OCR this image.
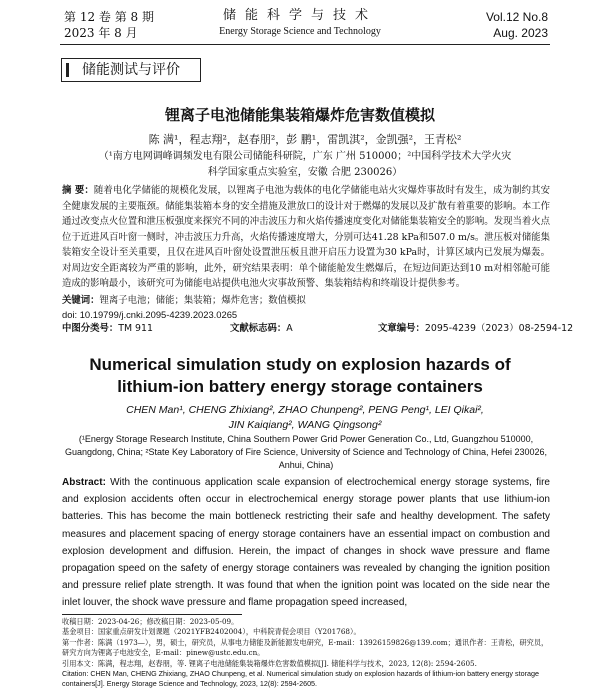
第 12 卷 第 8 期
2023 年 8 月
储能科学与技术
Energy Storage Science and Technology
Vol.12 No.8
Aug. 2023
储能测试与评价
锂离子电池储能集装箱爆炸危害数值模拟
陈 满¹，程志翔²，赵春朋²，彭 鹏¹，雷凯淇²，金凯强²，王青松²
（¹南方电网调峰调频发电有限公司储能科研院，广东 广州 510000；²中国科学技术大学火灾
科学国家重点实验室，安徽 合肥 230026）
摘 要：随着电化学储能的规模化发展，以锂离子电池为载体的电化学储能电站火灾爆炸事故时有发生，成为制约其安全健康发展的主要瓶颈。储能集装箱本身的安全措施及泄放口的设计对于燃爆的发展以及扩散有着重要的影响。本工作通过改变点火位置和泄压板强度来探究不同的冲击波压力和火焰传播速度变化对储能集装箱安全的影响。发现当着火点位于近进风百叶窗一侧时，冲击波压力升高，火焰传播速度增大，分别可达41.28 kPa和507.0 m/s。泄压板对储能集装箱安全设计至关重要，且仅在进风百叶窗处设置泄压板且泄开启压力设置为30 kPa时，计算区域内已发展为爆轰。对周边安全距离较为严重的影响，此外，研究结果表明：单个储能舱发生燃爆后，在短边间距达到10 m对相邻舱可能造成的影响最小，该研究可为储能电站提供电池火灾事故预警、集装箱结构和终端设计提供参考。
关键词：锂离子电池；储能；集装箱；爆炸危害；数值模拟
doi: 10.19799/j.cnki.2095-4239.2023.0265
中图分类号：TM 911	文献标志码：A	文章编号：2095-4239（2023）08-2594-12
Numerical simulation study on explosion hazards of
lithium-ion battery energy storage containers
CHEN Man¹, CHENG Zhixiang², ZHAO Chunpeng², PENG Peng¹, LEI Qikai²,
JIN Kaiqiang², WANG Qingsong²
(¹Energy Storage Research Institute, China Southern Power Grid Power Generation Co., Ltd, Guangzhou 510000, Guangdong, China; ²State Key Laboratory of Fire Science, University of Science and Technology of China, Hefei 230026, Anhui, China)
Abstract: With the continuous application scale expansion of electrochemical energy storage systems, fire and explosion accidents often occur in electrochemical energy storage power plants that use lithium-ion batteries. This has become the main bottleneck restricting their safe and healthy development. The safety measures and placement spacing of energy storage containers have an essential impact on combustion and explosion development and diffusion. Herein, the impact of changes in shock wave pressure and flame propagation speed on the safety of energy storage containers was revealed by changing the ignition position and pressure relief plate strength. It was found that when the ignition point was located on the side near the inlet louver, the shock wave pressure and flame propagation speed increased,
收稿日期：2023-04-26；修改稿日期：2023-05-09。
基金项目：国家重点研发计划课题（2021YFB2402004），中科院青促会项目（Y201768）。
第一作者：陈满（1973—），男，硕士，研究员，从事电力储能及新能源发电研究，E-mail：13926159826@139.com；通讯作者：王青松，研究员，研究方向为锂离子电池安全，E-mail：pinew@ustc.edu.cn。
引用本文：陈满，程志翔，赵春朋，等. 锂离子电池储能集装箱爆炸危害数值模拟[J]. 储能科学与技术，2023, 12(8): 2594-2605.
Citation: CHEN Man, CHENG Zhixiang, ZHAO Chunpeng, et al. Numerical simulation study on explosion hazards of lithium-ion battery energy storage containers[J]. Energy Storage Science and Technology, 2023, 12(8): 2594-2605.
